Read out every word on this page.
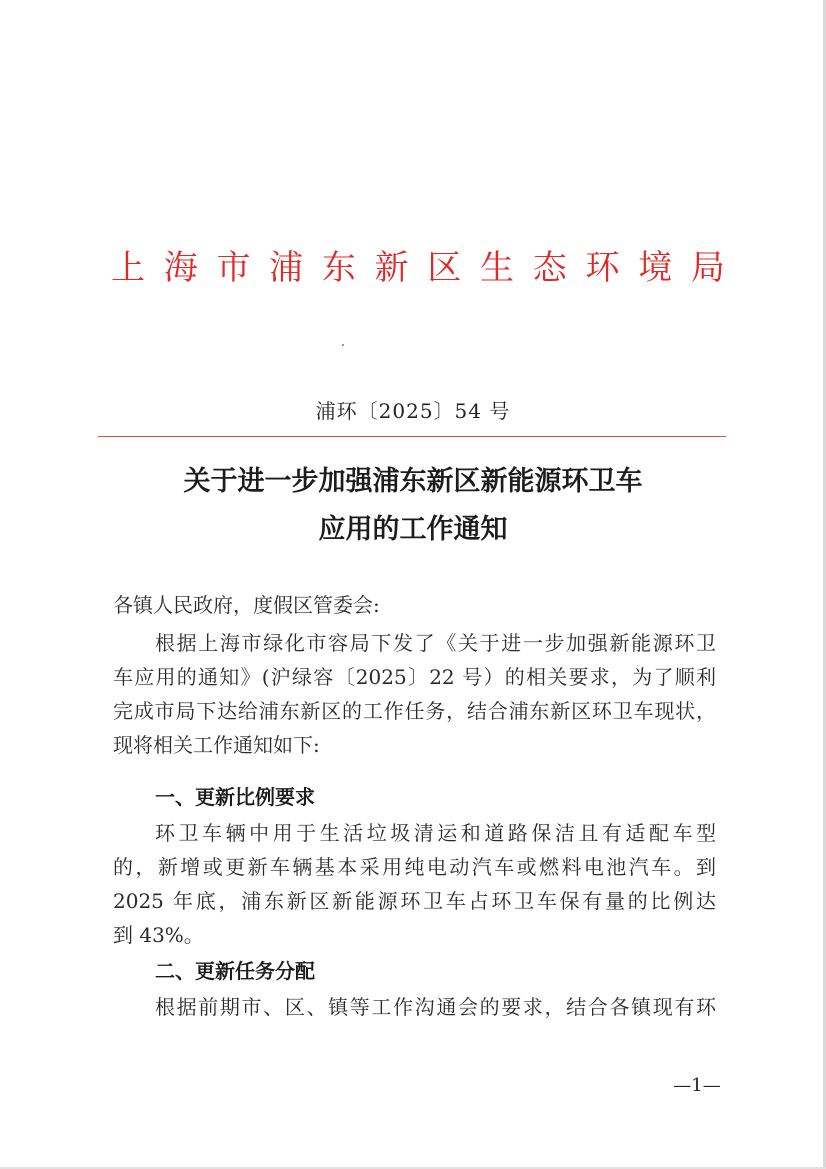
上 海 市 浦 东 新 区 生 态 环 境 局
浦环〔2025〕54 号
关于进一步加强浦东新区新能源环卫车
应用的工作通知
各镇人民政府，度假区管委会:
根据上海市绿化市容局下发了《关于进一步加强新能源环卫
车应用的通知》(沪绿容〔2025〕22 号）的相关要求，为了顺利
完成市局下达给浦东新区的工作任务，结合浦东新区环卫车现状，
现将相关工作通知如下:
一、更新比例要求
环卫车辆中用于生活垃圾清运和道路保洁且有适配车型
的，新增或更新车辆基本采用纯电动汽车或燃料电池汽车。到
2025 年底，浦东新区新能源环卫车占环卫车保有量的比例达
到 43%。
二、更新任务分配
根据前期市、区、镇等工作沟通会的要求，结合各镇现有环
—1—
